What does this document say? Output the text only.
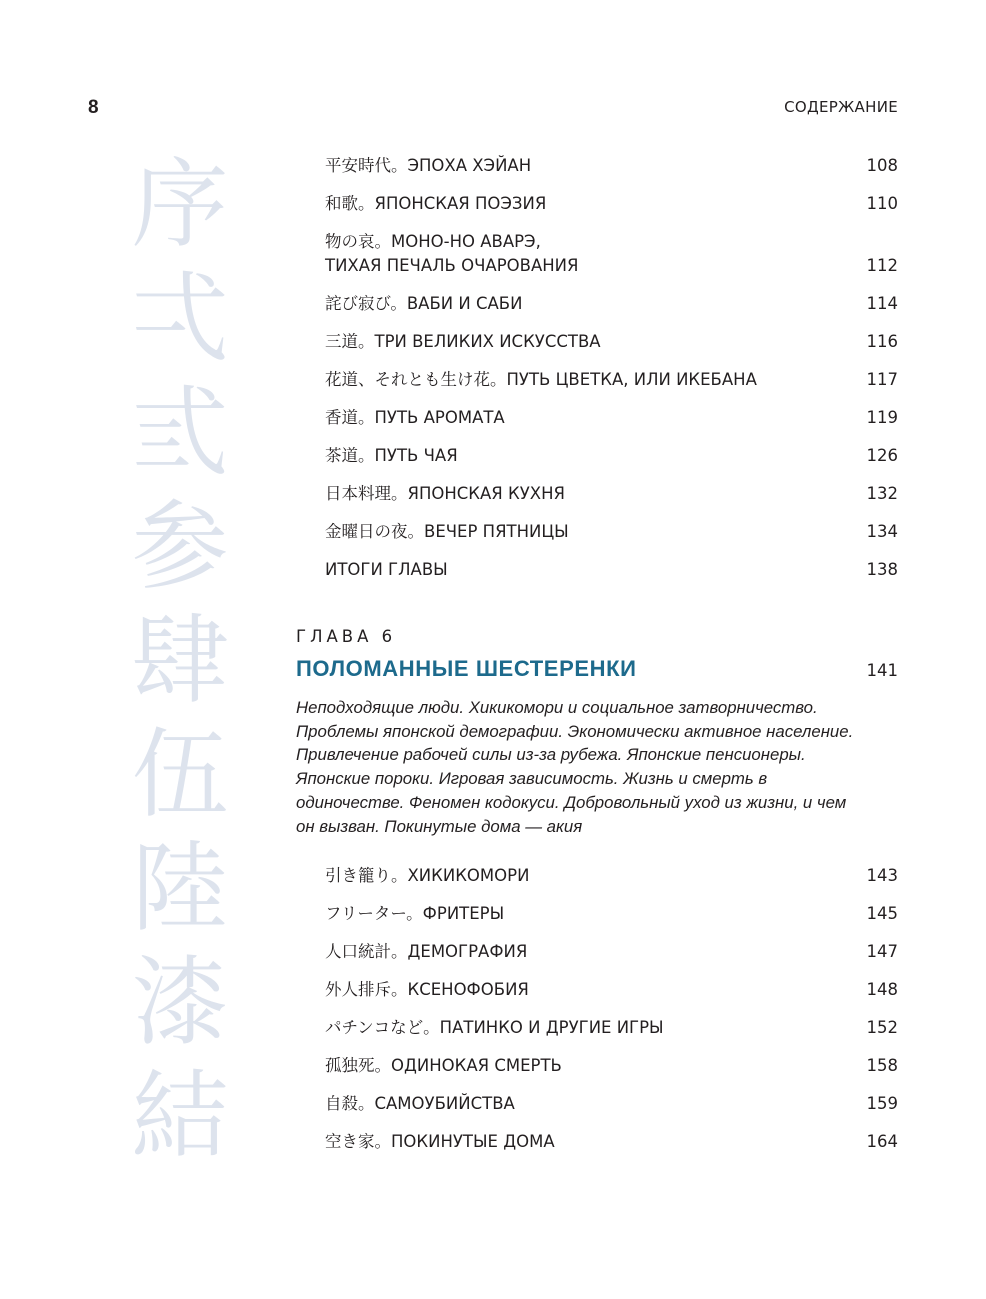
8	СОДЕРЖАНИЕ
序
弌
弎
参
肆
伍
陸
漆
結
平安時代。ЭПОХА ХЭЙАН	108
和歌。ЯПОНСКАЯ ПОЭЗИЯ	110
物の哀。МОНО-НО АВАРЭ,
ТИХАЯ ПЕЧАЛЬ ОЧАРОВАНИЯ	112
詫び寂び。ВАБИ И САБИ	114
三道。ТРИ ВЕЛИКИХ ИСКУССТВА	116
花道、それとも生け花。ПУТЬ ЦВЕТКА, ИЛИ ИКЕБАНА	117
香道。ПУТЬ АРОМАТА	119
茶道。ПУТЬ ЧАЯ	126
日本料理。ЯПОНСКАЯ КУХНЯ	132
金曜日の夜。ВЕЧЕР ПЯТНИЦЫ	134
ИТОГИ ГЛАВЫ	138
ГЛАВА 6
ПОЛОМАННЫЕ ШЕСТЕРЕНКИ	141
Неподходящие люди. Хикикомори и социальное затворничество. Проблемы японской демографии. Экономически активное население. Привлечение рабочей силы из-за рубежа. Японские пенсионеры. Японские пороки. Игровая зависимость. Жизнь и смерть в одиночестве. Феномен кодокуси. Добровольный уход из жизни, и чем он вызван. Покинутые дома — акия
引き籠り。ХИКИКОМОРИ	143
フリーター。ФРИТЕРЫ	145
人口統計。ДЕМОГРАФИЯ	147
外人排斥。КСЕНОФОБИЯ	148
パチンコなど。ПАТИНКО И ДРУГИЕ ИГРЫ	152
孤独死。ОДИНОКАЯ СМЕРТЬ	158
自殺。САМОУБИЙСТВА	159
空き家。ПОКИНУТЫЕ ДОМА	164
